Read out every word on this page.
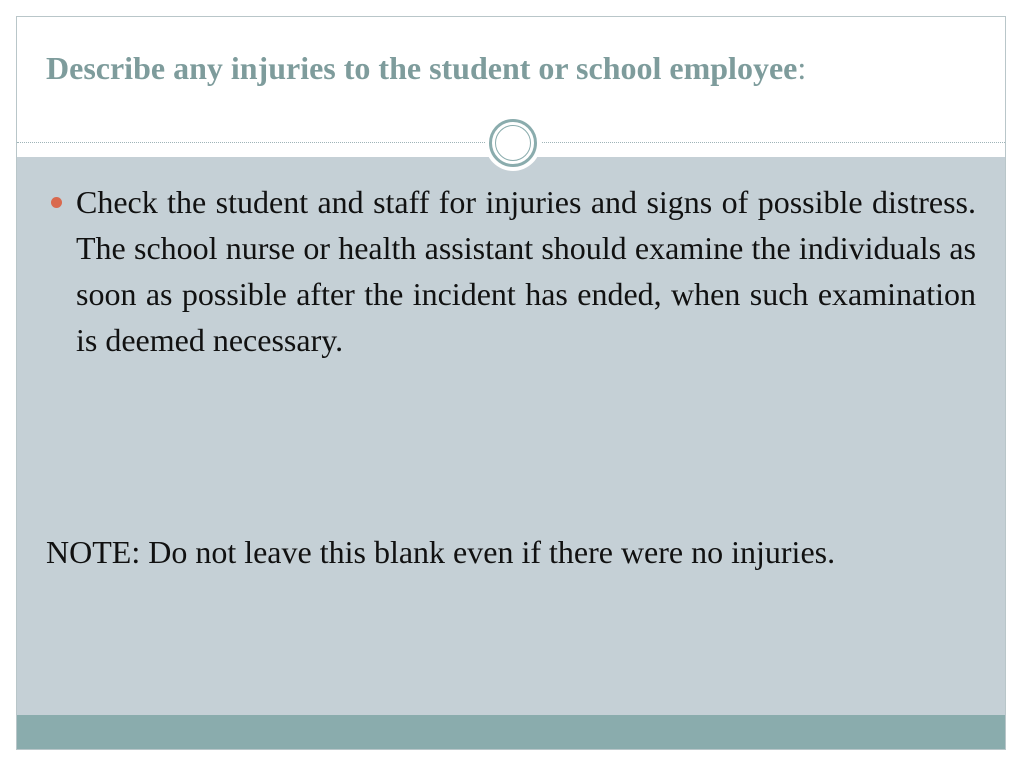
Describe any injuries to the student or school employee:
Check the student and staff for injuries and signs of possible distress. The school nurse or health assistant should examine the individuals as soon as possible after the incident has ended, when such examination is deemed necessary.
NOTE: Do not leave this blank even if there were no injuries.
